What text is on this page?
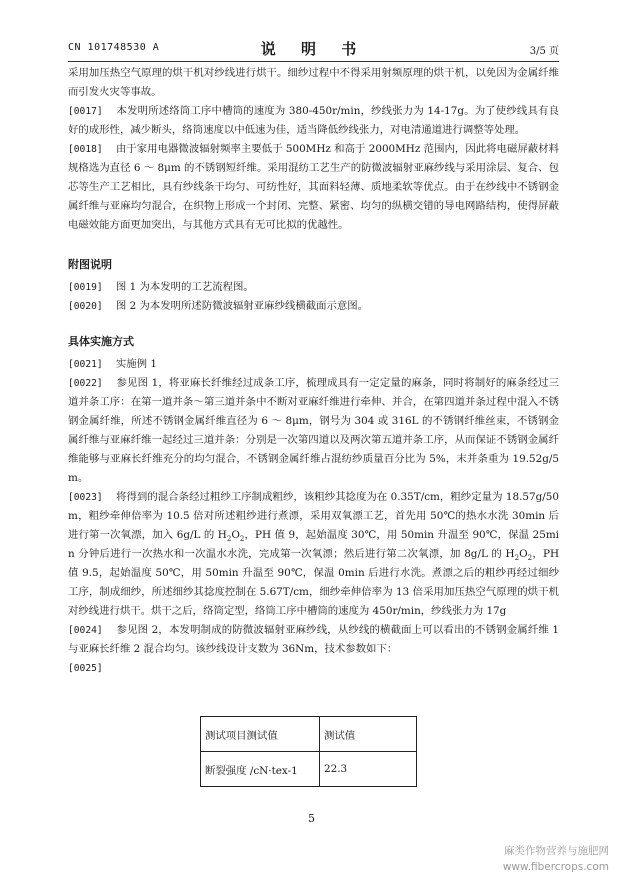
CN 101748530 A	说 明 书	3/5 页

采用加压热空气原理的烘干机对纱线进行烘干。细纱过程中不得采用射频原理的烘干机，以免因为金属纤维而引发火灾等事故。

[0017] 本发明所述络筒工序中槽筒的速度为 380-450r/min，纱线张力为 14-17g。为了使纱线具有良好的成形性，减少断头，络筒速度以中低速为佳，适当降低纱线张力，对电清通道进行调整等处理。

[0018] 由于家用电器微波辐射频率主要低于 500MHz 和高于 2000MHz 范围内，因此将电磁屏蔽材料规格选为直径 6 ～ 8μm 的不锈钢短纤维。采用混纺工艺生产的防微波辐射亚麻纱线与采用涂层、复合、包芯等生产工艺相比，具有纱线条干均匀、可纺性好，其面料轻薄、质地柔软等优点。由于在纱线中不锈钢金属纤维与亚麻均匀混合，在织物上形成一个封闭、完整、紧密、均匀的纵横交错的导电网路结构，使得屏蔽电磁效能方面更加突出，与其他方式具有无可比拟的优越性。

附图说明

[0019] 图 1 为本发明的工艺流程图。

[0020] 图 2 为本发明所述防微波辐射亚麻纱线横截面示意图。

具体实施方式

[0021] 实施例 1

[0022] 参见图 1，将亚麻长纤维经过成条工序，梳理成具有一定定量的麻条，同时将制好的麻条经过三道并条工序：在第一道并条～第三道并条中不断对亚麻纤维进行牵伸、并合，在第四道并条过程中混入不锈钢金属纤维，所述不锈钢金属纤维直径为 6 ～ 8μm，钢号为 304 或 316L 的不锈钢纤维丝束，不锈钢金属纤维与亚麻纤维一起经过三道并条：分别是一次第四道以及两次第五道并条工序，从而保证不锈钢金属纤维能够与亚麻长纤维充分的均匀混合，不锈钢金属纤维占混纺纱质量百分比为 5%，末并条重为 19.52g/5m。

[0023] 将得到的混合条经过粗纱工序制成粗纱，该粗纱其捻度为在 0.35T/cm，粗纱定量为 18.57g/50m，粗纱牵伸倍率为 10.5 倍对所述粗纱进行煮漂，采用双氧漂工艺，首先用 50℃的热水水洗 30min 后进行第一次氧漂，加入 6g/L 的 $H_2O_2$，PH 值 9，起始温度 30℃，用 50min 升温至 90℃，保温 25min 分钟后进行一次热水和一次温水水洗，完成第一次氧漂；然后进行第二次氧漂，加 8g/L 的 $H_2O_2$，PH 值 9.5，起始温度 50℃，用 50min 升温至 90℃，保温 0min 后进行水洗。煮漂之后的粗纱再经过细纱工序，制成细纱，所述细纱其捻度控制在 5.67T/cm，细纱牵伸倍率为 13 倍采用加压热空气原理的烘干机对纱线进行烘干。烘干之后，络筒定型，络筒工序中槽筒的速度为 450r/min，纱线张力为 17g

[0024] 参见图 2，本发明制成的防微波辐射亚麻纱线，从纱线的横截面上可以看出的不锈钢金属纤维 1 与亚麻长纤维 2 混合均匀。该纱线设计支数为 36Nm，技术参数如下：

[0025]

测试项目测试值	测试值
断裂强度 /cN·tex-1	22.3
5
麻类作物营养与施肥网
www.fibercrops.com
